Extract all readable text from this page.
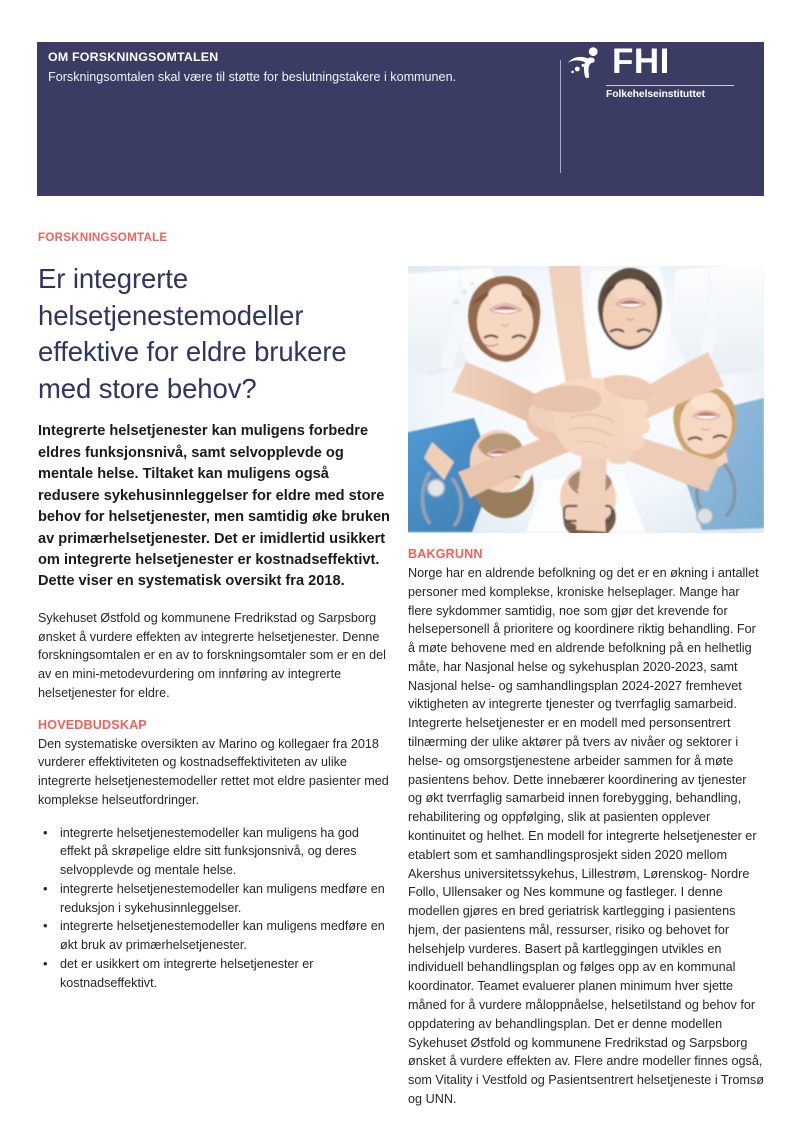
OM FORSKNINGSOMTALEN

Forskningsomtalen skal være til støtte for beslutningstakere i kommunen.	FHI
Folkehelseinstituttet

FORSKNINGSOMTALE

Er integrerte helsetjenestemodeller effektive for eldre brukere med store behov?

Integrerte helsetjenester kan muligens forbedre eldres funksjonsnivå, samt selvopplevde og mentale helse. Tiltaket kan muligens også redusere sykehusinnleggelser for eldre med store behov for helsetjenester, men samtidig øke bruken av primærhelsetjenester. Det er imidlertid usikkert om integrerte helsetjenester er kostnadseffektivt. Dette viser en systematisk oversikt fra 2018.

Sykehuset Østfold og kommunene Fredrikstad og Sarpsborg ønsket å vurdere effekten av integrerte helsetjenester. Denne forskningsomtalen er en av to forskningsomtaler som er en del av en mini-metodevurdering om innføring av integrerte helsetjenester for eldre.

HOVEDBUDSKAP

Den systematiske oversikten av Marino og kollegaer fra 2018 vurderer effektiviteten og kostnadseffektiviteten av ulike integrerte helsetjenestemodeller rettet mot eldre pasienter med komplekse helseutfordringer.

• integrerte helsetjenestemodeller kan muligens ha god effekt på skrøpelige eldre sitt funksjonsnivå, og deres selvopplevde og mentale helse.
• integrerte helsetjenestemodeller kan muligens medføre en reduksjon i sykehusinnleggelser.
• integrerte helsetjenestemodeller kan muligens medføre en økt bruk av primærhelsetjenester.
• det er usikkert om integrerte helsetjenester er kostnadseffektivt.

BAKGRUNN

Norge har en aldrende befolkning og det er en økning i antallet personer med komplekse, kroniske helseplager. Mange har flere sykdommer samtidig, noe som gjør det krevende for helsepersonell å prioritere og koordinere riktig behandling. For å møte behovene med en aldrende befolkning på en helhetlig måte, har Nasjonal helse og sykehusplan 2020-2023, samt Nasjonal helse- og samhandlingsplan 2024-2027 fremhevet viktigheten av integrerte tjenester og tverrfaglig samarbeid. Integrerte helsetjenester er en modell med personsentrert tilnærming der ulike aktører på tvers av nivåer og sektorer i helse- og omsorgstjenestene arbeider sammen for å møte pasientens behov. Dette innebærer koordinering av tjenester og økt tverrfaglig samarbeid innen forebygging, behandling, rehabilitering og oppfølging, slik at pasienten opplever kontinuitet og helhet. En modell for integrerte helsetjenester er etablert som et samhandlingsprosjekt siden 2020 mellom Akershus universitetssykehus, Lillestrøm, Lørenskog- Nordre Follo, Ullensaker og Nes kommune og fastleger. I denne modellen gjøres en bred geriatrisk kartlegging i pasientens hjem, der pasientens mål, ressurser, risiko og behovet for helsehjelp vurderes. Basert på kartleggingen utvikles en individuell behandlingsplan og følges opp av en kommunal koordinator. Teamet evaluerer planen minimum hver sjette måned for å vurdere måloppnåelse, helsetilstand og behov for oppdatering av behandlingsplan. Det er denne modellen Sykehuset Østfold og kommunene Fredrikstad og Sarpsborg ønsket å vurdere effekten av. Flere andre modeller finnes også, som Vitality i Vestfold og Pasientsentrert helsetjeneste i Tromsø og UNN.
